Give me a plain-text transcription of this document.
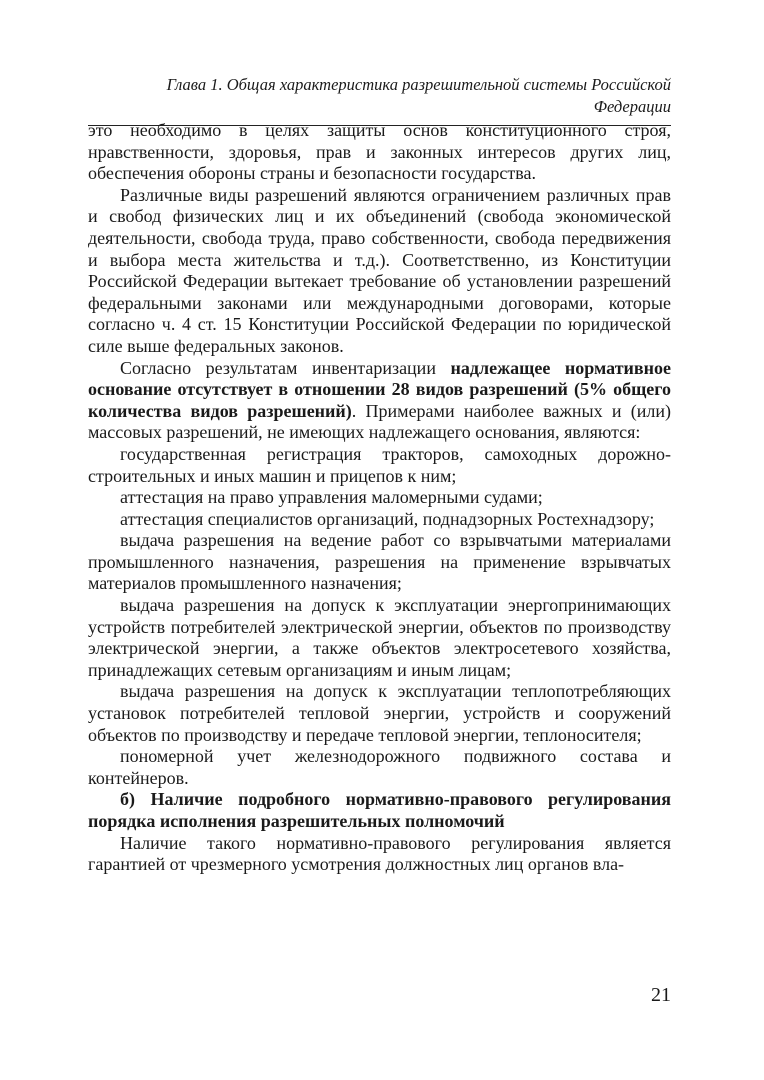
Глава 1. Общая характеристика разрешительной системы Российской Федерации

это необходимо в целях защиты основ конституционного строя, нравственности, здоровья, прав и законных интересов других лиц, обеспечения обороны страны и безопасности государства.

Различные виды разрешений являются ограничением различных прав и свобод физических лиц и их объединений (свобода экономической деятельности, свобода труда, право собственности, свобода передвижения и выбора места жительства и т.д.). Соответственно, из Конституции Российской Федерации вытекает требование об установлении разрешений федеральными законами или международными договорами, которые согласно ч. 4 ст. 15 Конституции Российской Федерации по юридической силе выше федеральных законов.

Согласно результатам инвентаризации надлежащее нормативное основание отсутствует в отношении 28 видов разрешений (5% общего количества видов разрешений). Примерами наиболее важных и (или) массовых разрешений, не имеющих надлежащего основания, являются:

государственная регистрация тракторов, самоходных дорожно-строительных и иных машин и прицепов к ним;

аттестация на право управления маломерными судами;

аттестация специалистов организаций, поднадзорных Ростехнадзору;

выдача разрешения на ведение работ со взрывчатыми материалами промышленного назначения, разрешения на применение взрывчатых материалов промышленного назначения;

выдача разрешения на допуск к эксплуатации энергопринимающих устройств потребителей электрической энергии, объектов по производству электрической энергии, а также объектов электросетевого хозяйства, принадлежащих сетевым организациям и иным лицам;

выдача разрешения на допуск к эксплуатации теплопотребляющих установок потребителей тепловой энергии, устройств и сооружений объектов по производству и передаче тепловой энергии, теплоносителя;

пономерной учет железнодорожного подвижного состава и контейнеров.

б) Наличие подробного нормативно-правового регулирования порядка исполнения разрешительных полномочий

Наличие такого нормативно-правового регулирования является гарантией от чрезмерного усмотрения должностных лиц органов вла-

21
